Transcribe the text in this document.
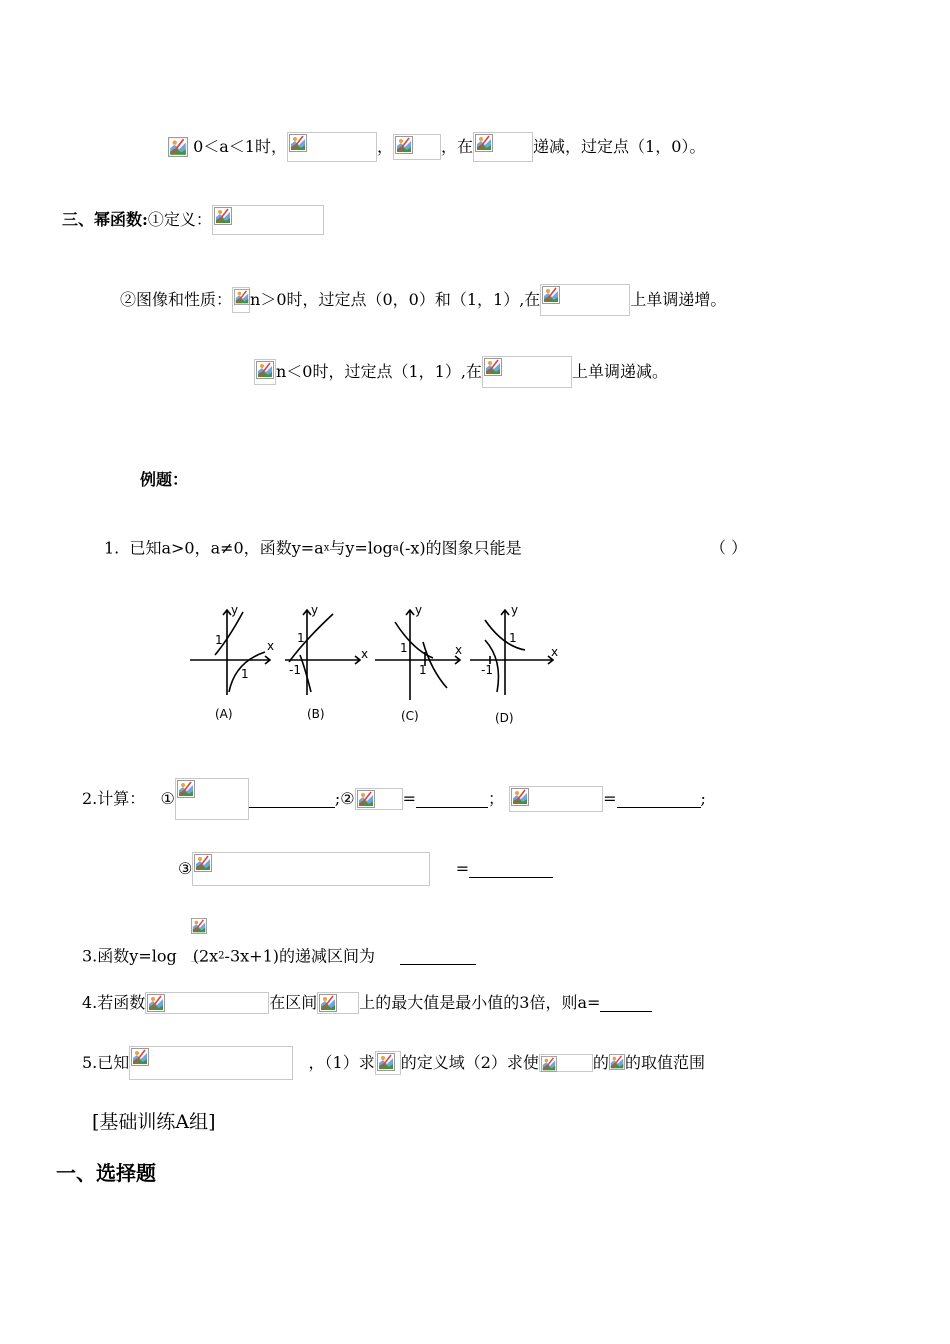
0＜a＜1时，	，	，在	递减，过定点（1，0）。
三、幂函数:①定义：
②图像和性质： n＞0时，过定点（0，0）和（1，1）,在	上单调递增。
n＜0时，过定点（1，1）,在	上单调递减。
例题：
1. 已知a>0，a≠0，函数y=ax与y=loga(-x)的图象只能是	（ ）
y
x
1
1
y
x
1
-1
y
x
1
1
y
x
1
-1
(A)	(B)	(C)	(D)
2.计算： ①	;②	=	；	=	;
③	=
3.函数y=log (2x2-3x+1)的递减区间为
4.若函数	在区间	上的最大值是最小值的3倍，则a=
5.已知	，（1）求 的定义域（2）求使	的 的取值范围
[基础训练A组]
一、选择题
